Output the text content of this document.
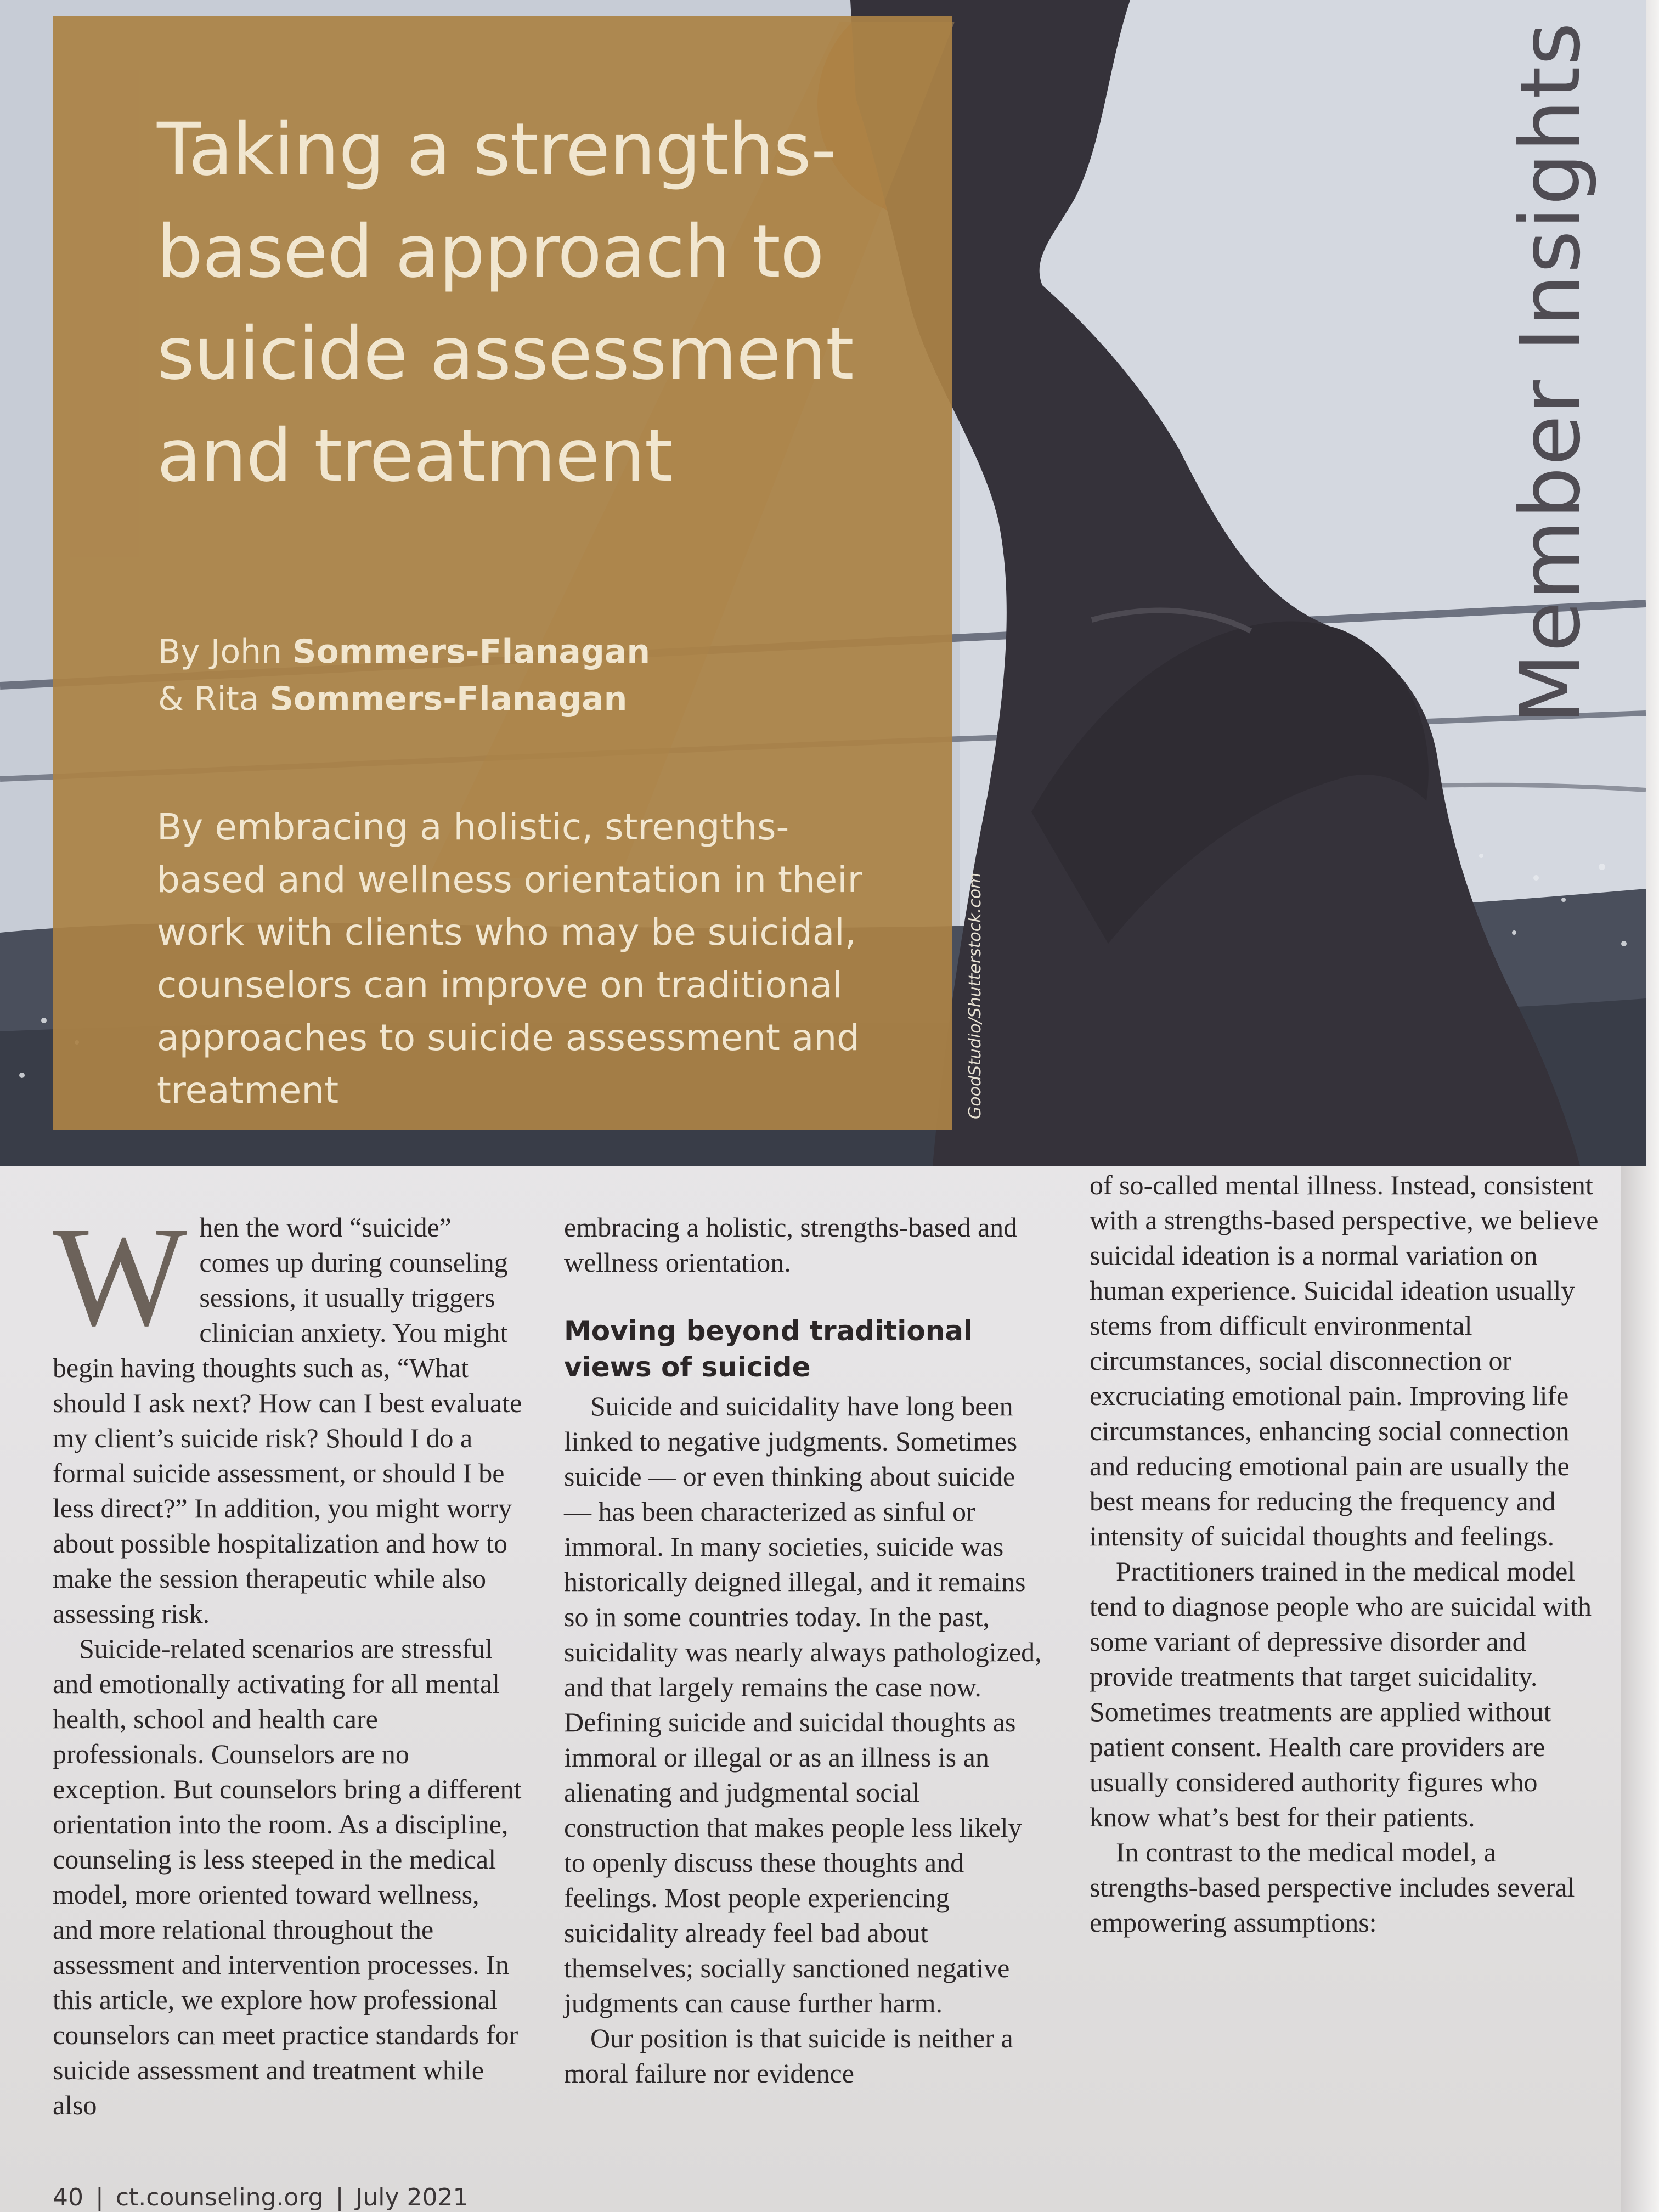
Taking a strengths-based approach to suicide assessment and treatment
By John Sommers-Flanagan
& Rita Sommers-Flanagan
By embracing a holistic, strengths-based and wellness orientation in their work with clients who may be suicidal, counselors can improve on traditional approaches to suicide assessment and treatment	GoodStudio/Shutterstock.com
Member Insights

When the word “suicide” comes up during counseling sessions, it usually triggers clinician anxiety. You might begin having thoughts such as, “What should I ask next? How can I best evaluate my client’s suicide risk? Should I do a formal suicide assessment, or should I be less direct?” In addition, you might worry about possible hospitalization and how to make the session therapeutic while also assessing risk.

Suicide-related scenarios are stressful and emotionally activating for all mental health, school and health care professionals. Counselors are no exception. But counselors bring a different orientation into the room. As a discipline, counseling is less steeped in the medical model, more oriented toward wellness, and more relational throughout the assessment and intervention processes. In this article, we explore how professional counselors can meet practice standards for suicide assessment and treatment while also

embracing a holistic, strengths-based and wellness orientation.

Moving beyond traditional views of suicide

Suicide and suicidality have long been linked to negative judgments. Sometimes suicide — or even thinking about suicide — has been characterized as sinful or immoral. In many societies, suicide was historically deigned illegal, and it remains so in some countries today. In the past, suicidality was nearly always pathologized, and that largely remains the case now. Defining suicide and suicidal thoughts as immoral or illegal or as an illness is an alienating and judgmental social construction that makes people less likely to openly discuss these thoughts and feelings. Most people experiencing suicidality already feel bad about themselves; socially sanctioned negative judgments can cause further harm.

Our position is that suicide is neither a moral failure nor evidence

of so-called mental illness. Instead, consistent with a strengths-based perspective, we believe suicidal ideation is a normal variation on human experience. Suicidal ideation usually stems from difficult environmental circumstances, social disconnection or excruciating emotional pain. Improving life circumstances, enhancing social connection and reducing emotional pain are usually the best means for reducing the frequency and intensity of suicidal thoughts and feelings.

Practitioners trained in the medical model tend to diagnose people who are suicidal with some variant of depressive disorder and provide treatments that target suicidality. Sometimes treatments are applied without patient consent. Health care providers are usually considered authority figures who know what’s best for their patients.

In contrast to the medical model, a strengths-based perspective includes several empowering assumptions:

40 | ct.counseling.org | July 2021
